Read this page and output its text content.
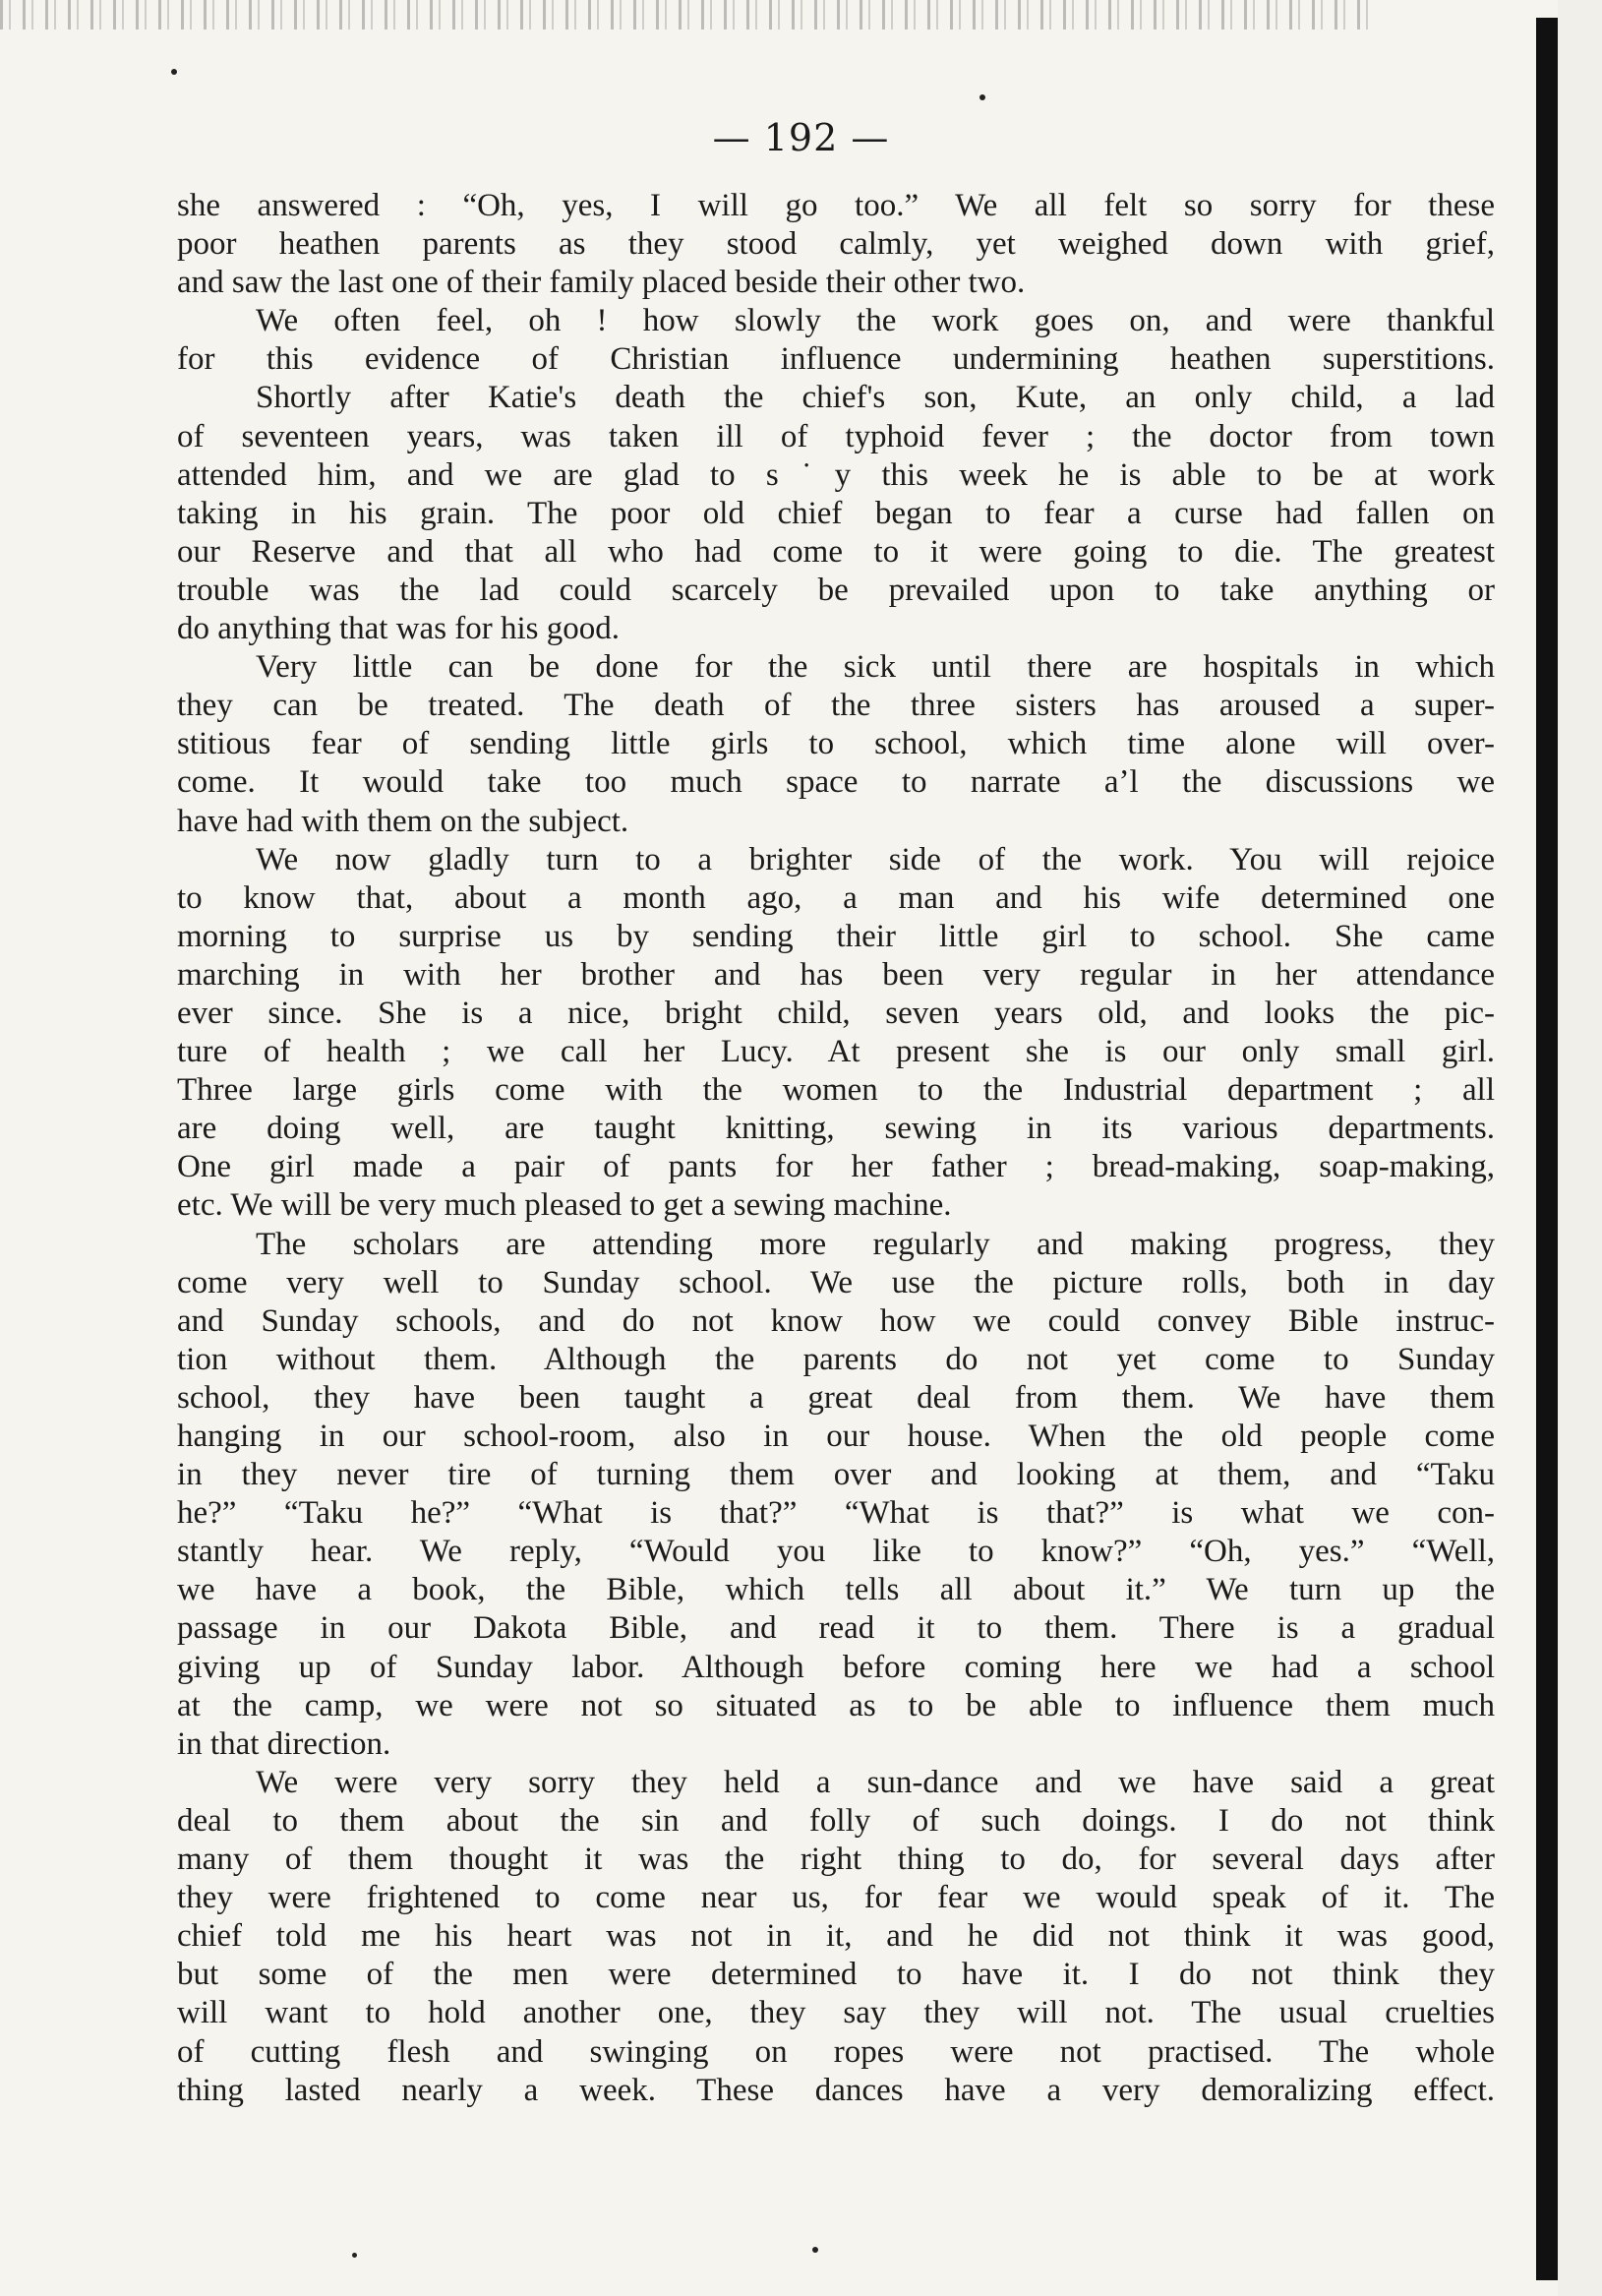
— 192 —
she answered : “Oh, yes, I will go too.” We all felt so sorry for these
poor heathen parents as they stood calmly, yet weighed down with grief,
and saw the last one of their family placed beside their other two.
We often feel, oh ! how slowly the work goes on, and were thankful
for this evidence of Christian influence undermining heathen superstitions.
Shortly after Katie's death the chief's son, Kute, an only child, a lad
of seventeen years, was taken ill of typhoid fever ; the doctor from town
attended him, and we are glad to s˙y this week he is able to be at work
taking in his grain. The poor old chief began to fear a curse had fallen on
our Reserve and that all who had come to it were going to die. The greatest
trouble was the lad could scarcely be prevailed upon to take anything or
do anything that was for his good.
Very little can be done for the sick until there are hospitals in which
they can be treated. The death of the three sisters has aroused a super-
stitious fear of sending little girls to school, which time alone will over-
come. It would take too much space to narrate aʼl the discussions we
have had with them on the subject.
We now gladly turn to a brighter side of the work. You will rejoice
to know that, about a month ago, a man and his wife determined one
morning to surprise us by sending their little girl to school. She came
marching in with her brother and has been very regular in her attendance
ever since. She is a nice, bright child, seven years old, and looks the pic-
ture of health ; we call her Lucy. At present she is our only small girl.
Three large girls come with the women to the Industrial department ; all
are doing well, are taught knitting, sewing in its various departments.
One girl made a pair of pants for her father ; bread-making, soap-making,
etc. We will be very much pleased to get a sewing machine.
The scholars are attending more regularly and making progress, they
come very well to Sunday school. We use the picture rolls, both in day
and Sunday schools, and do not know how we could convey Bible instruc-
tion without them. Although the parents do not yet come to Sunday
school, they have been taught a great deal from them. We have them
hanging in our school-room, also in our house. When the old people come
in they never tire of turning them over and looking at them, and “Taku
he?” “Taku he?” “What is that?” “What is that?” is what we con-
stantly hear. We reply, “Would you like to know?” “Oh, yes.” “Well,
we have a book, the Bible, which tells all about it.” We turn up the
passage in our Dakota Bible, and read it to them. There is a gradual
giving up of Sunday labor. Although before coming here we had a school
at the camp, we were not so situated as to be able to influence them much
in that direction.
We were very sorry they held a sun-dance and we have said a great
deal to them about the sin and folly of such doings. I do not think
many of them thought it was the right thing to do, for several days after
they were frightened to come near us, for fear we would speak of it. The
chief told me his heart was not in it, and he did not think it was good,
but some of the men were determined to have it. I do not think they
will want to hold another one, they say they will not. The usual cruelties
of cutting flesh and swinging on ropes were not practised. The whole
thing lasted nearly a week. These dances have a very demoralizing effect.
